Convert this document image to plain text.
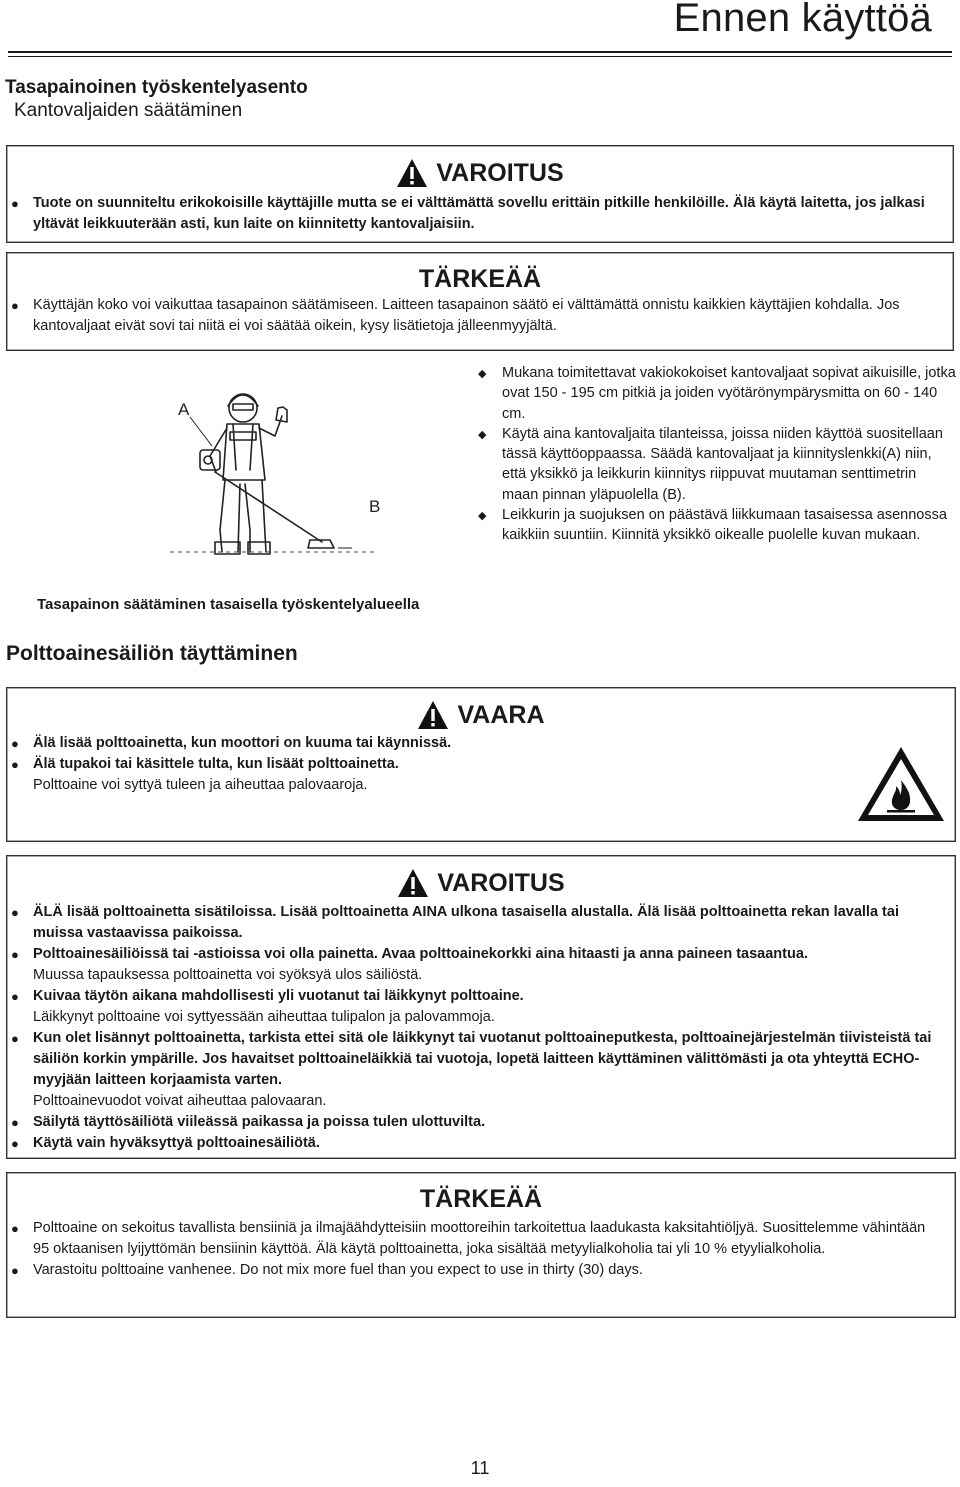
Ennen käyttöä
Tasapainoinen työskentelyasento
Kantovaljaiden säätäminen
VAROITUS
● Tuote on suunniteltu erikokoisille käyttäjille mutta se ei välttämättä sovellu erittäin pitkille henkilöille. Älä käytä laitetta, jos jalkasi yltävät leikkuuterään asti, kun laite on kiinnitetty kantovaljaisiin.
TÄRKEÄÄ
● Käyttäjän koko voi vaikuttaa tasapainon säätämiseen. Laitteen tasapainon säätö ei välttämättä onnistu kaikkien käyttäjien kohdalla. Jos kantovaljaat eivät sovi tai niitä ei voi säätää oikein, kysy lisätietoja jälleenmyyjältä.
A
B
Tasapainon säätäminen tasaisella työskentelyalueella
◆ Mukana toimitettavat vakiokokoiset kantovaljaat sopivat aikuisille, jotka ovat 150 - 195 cm pitkiä ja joiden vyötärönympärysmitta on 60 - 140 cm.
◆ Käytä aina kantovaljaita tilanteissa, joissa niiden käyttöä suositellaan tässä käyttöoppaassa. Säädä kantovaljaat ja kiinnityslenkki(A) niin, että yksikkö ja leikkurin kiinnitys riippuvat muutaman senttimetrin maan pinnan yläpuolella (B).
◆ Leikkurin ja suojuksen on päästävä liikkumaan tasaisessa asennossa kaikkiin suuntiin. Kiinnitä yksikkö oikealle puolelle kuvan mukaan.
Polttoainesäiliön täyttäminen
VAARA
● Älä lisää polttoainetta, kun moottori on kuuma tai käynnissä.
● Älä tupakoi tai käsittele tulta, kun lisäät polttoainetta.
Polttoaine voi syttyä tuleen ja aiheuttaa palovaaroja.
VAROITUS
● ÄLÄ lisää polttoainetta sisätiloissa. Lisää polttoainetta AINA ulkona tasaisella alustalla. Älä lisää polttoainetta rekan lavalla tai muissa vastaavissa paikoissa.
● Polttoainesäiliöissä tai -astioissa voi olla painetta. Avaa polttoainekorkki aina hitaasti ja anna paineen tasaantua.
Muussa tapauksessa polttoainetta voi syöksyä ulos säiliöstä.
● Kuivaa täytön aikana mahdollisesti yli vuotanut tai läikkynyt polttoaine.
Läikkynyt polttoaine voi syttyessään aiheuttaa tulipalon ja palovammoja.
● Kun olet lisännyt polttoainetta, tarkista ettei sitä ole läikkynyt tai vuotanut polttoaineputkesta, polttoainejärjestelmän tiivisteistä tai säiliön korkin ympärille. Jos havaitset polttoaineläikkiä tai vuotoja, lopetä laitteen käyttäminen välittömästi ja ota yhteyttä ECHO-myyjään laitteen korjaamista varten.
Polttoainevuodot voivat aiheuttaa palovaaran.
● Säilytä täyttösäiliötä viileässä paikassa ja poissa tulen ulottuvilta.
● Käytä vain hyväksyttyä polttoainesäiliötä.
TÄRKEÄÄ
● Polttoaine on sekoitus tavallista bensiiniä ja ilmajäähdytteisiin moottoreihin tarkoitettua laadukasta kaksitahtiöljyä. Suosittelemme vähintään 95 oktaanisen lyijyttömän bensiinin käyttöä. Älä käytä polttoainetta, joka sisältää metyylialkoholia tai yli 10 % etyylialkoholia.
● Varastoitu polttoaine vanhenee. Do not mix more fuel than you expect to use in thirty (30) days.
11
